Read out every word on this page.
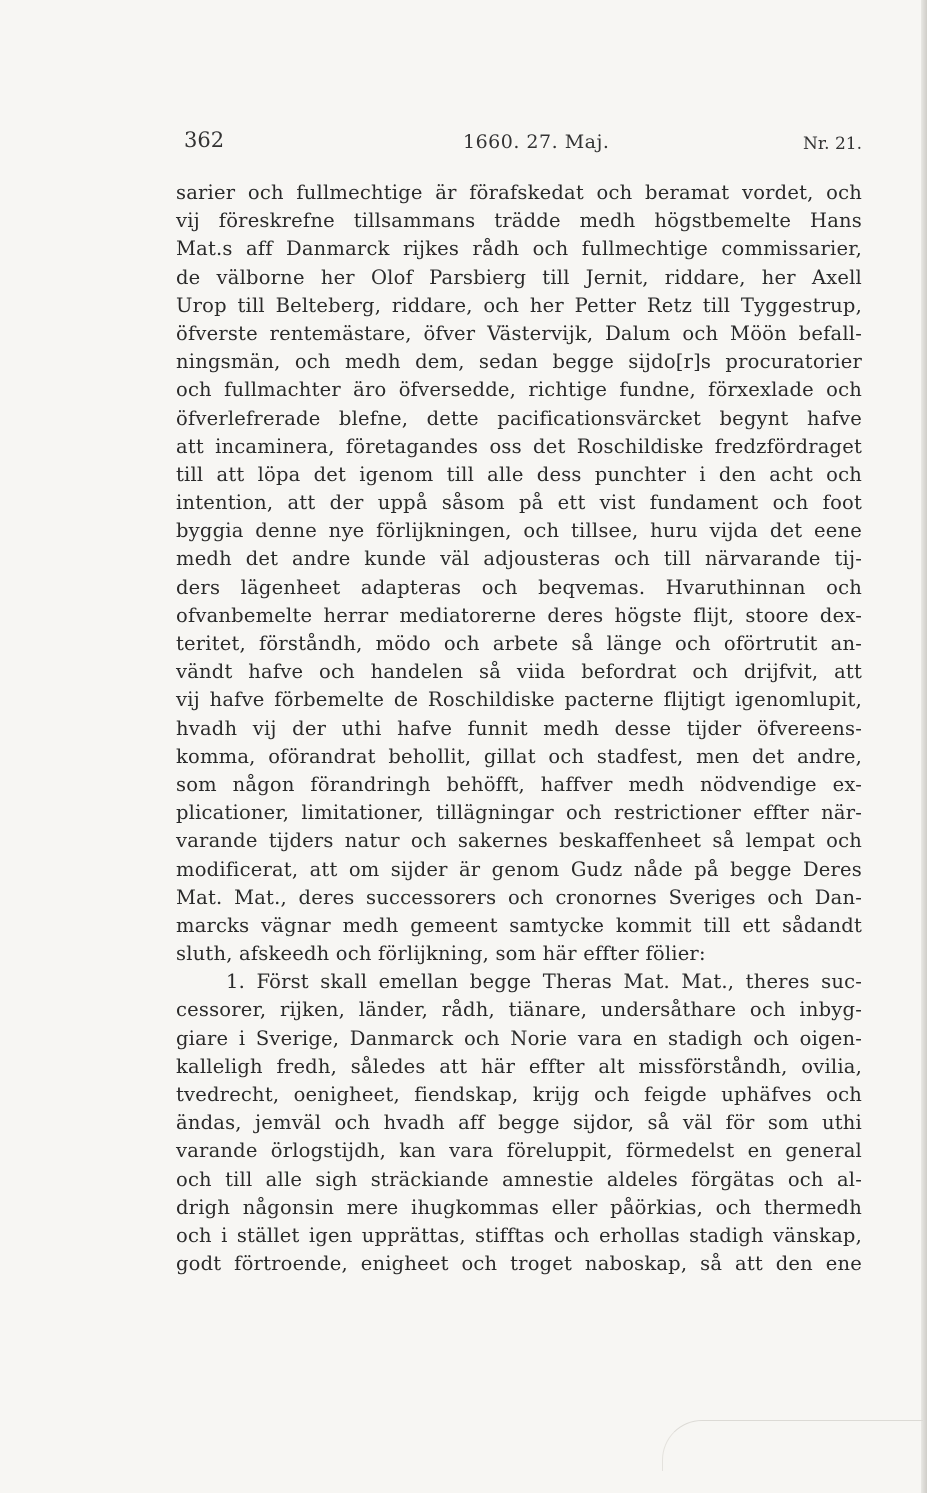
362	1660. 27. Maj.	Nr. 21.
sarier och fullmechtige är förafskedat och beramat vordet, och
vij föreskrefne tillsammans trädde medh högstbemelte Hans
Mat.s aff Danmarck rijkes rådh och fullmechtige commissarier,
de välborne her Olof Parsbierg till Jernit, riddare, her Axell
Urop till Belteberg, riddare, och her Petter Retz till Tyggestrup,
öfverste rentemästare, öfver Västervijk, Dalum och Möön befall-
ningsmän, och medh dem, sedan begge sijdo[r]s procuratorier
och fullmachter äro öfversedde, richtige fundne, förxexlade och
öfverlefrerade blefne, dette pacificationsvärcket begynt hafve
att incaminera, företagandes oss det Roschildiske fredzfördraget
till att löpa det igenom till alle dess punchter i den acht och
intention, att der uppå såsom på ett vist fundament och foot
byggia denne nye förlijkningen, och tillsee, huru vijda det eene
medh det andre kunde väl adjousteras och till närvarande tij-
ders lägenheet adapteras och beqvemas. Hvaruthinnan och
ofvanbemelte herrar mediatorerne deres högste flijt, stoore dex-
teritet, förståndh, mödo och arbete så länge och oförtrutit an-
vändt hafve och handelen så viida befordrat och drijfvit, att
vij hafve förbemelte de Roschildiske pacterne flijtigt igenomlupit,
hvadh vij der uthi hafve funnit medh desse tijder öfvereens-
komma, oförandrat behollit, gillat och stadfest, men det andre,
som någon förandringh behöfft, haffver medh nödvendige ex-
plicationer, limitationer, tillägningar och restrictioner effter när-
varande tijders natur och sakernes beskaffenheet så lempat och
modificerat, att om sijder är genom Gudz nåde på begge Deres
Mat. Mat., deres successorers och cronornes Sveriges och Dan-
marcks vägnar medh gemeent samtycke kommit till ett sådandt
sluth, afskeedh och förlijkning, som här effter fölier:
1. Först skall emellan begge Theras Mat. Mat., theres suc-
cessorer, rijken, länder, rådh, tiänare, undersåthare och inbyg-
giare i Sverige, Danmarck och Norie vara en stadigh och oigen-
kalleligh fredh, således att här effter alt missförståndh, ovilia,
tvedrecht, oenigheet, fiendskap, krijg och feigde uphäfves och
ändas, jemväl och hvadh aff begge sijdor, så väl för som uthi
varande örlogstijdh, kan vara föreluppit, förmedelst en general
och till alle sigh sträckiande amnestie aldeles förgätas och al-
drigh någonsin mere ihugkommas eller påörkias, och thermedh
och i stället igen upprättas, stifftas och erhollas stadigh vänskap,
godt förtroende, enigheet och troget naboskap, så att den ene
